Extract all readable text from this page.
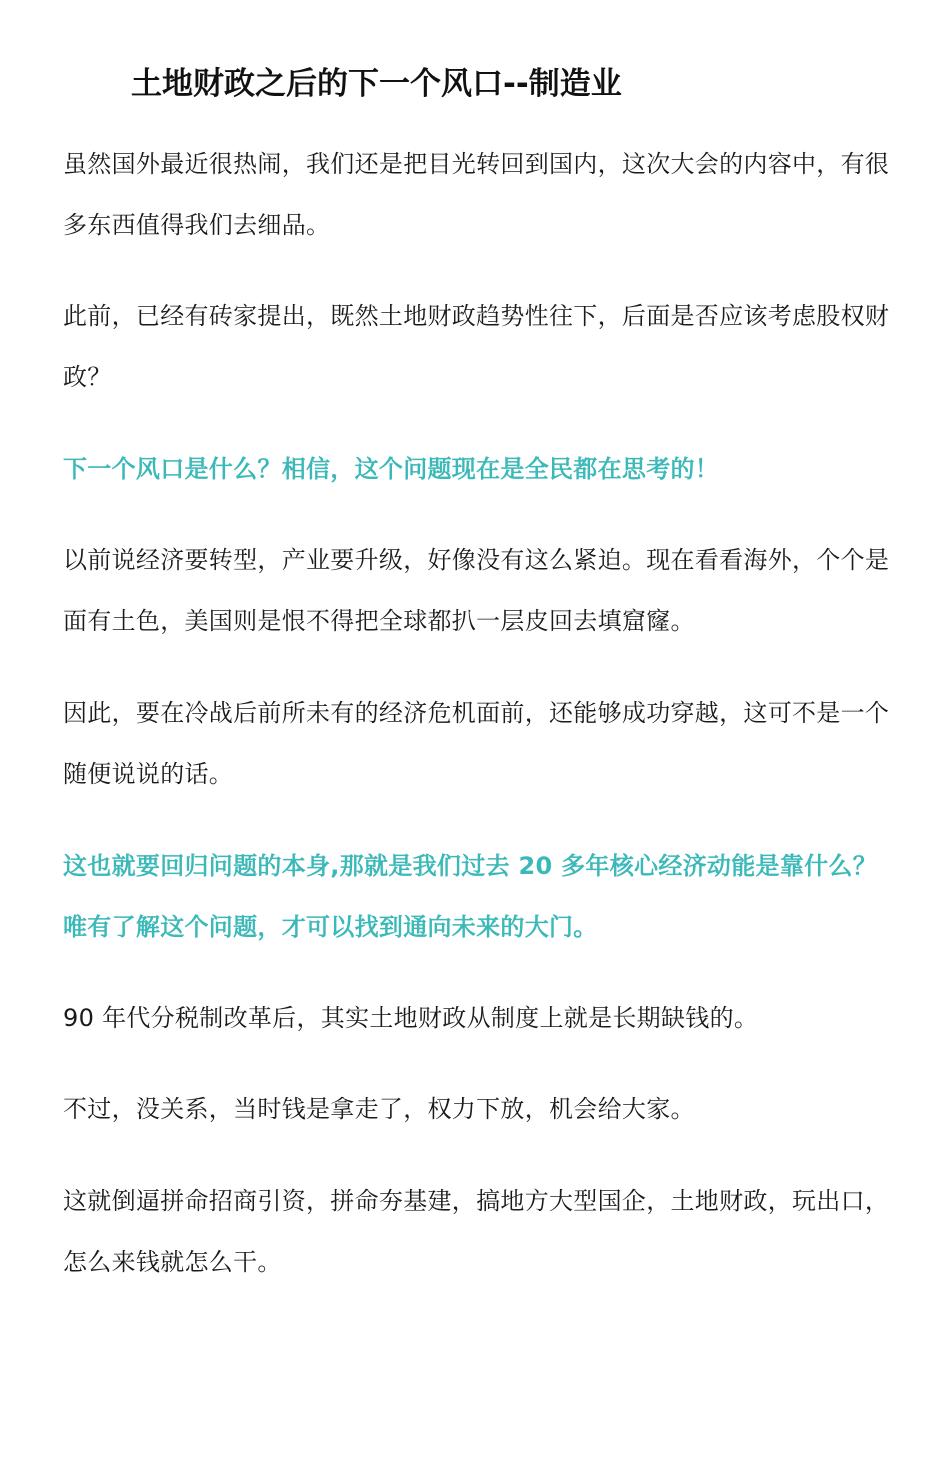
土地财政之后的下一个风口--制造业

虽然国外最近很热闹，我们还是把目光转回到国内，这次大会的内容中，有很多东西值得我们去细品。

此前，已经有砖家提出，既然土地财政趋势性往下，后面是否应该考虑股权财政？

下一个风口是什么？相信，这个问题现在是全民都在思考的！

以前说经济要转型，产业要升级，好像没有这么紧迫。现在看看海外，个个是面有土色，美国则是恨不得把全球都扒一层皮回去填窟窿。

因此，要在冷战后前所未有的经济危机面前，还能够成功穿越，这可不是一个随便说说的话。

这也就要回归问题的本身,那就是我们过去 20 多年核心经济动能是靠什么？唯有了解这个问题，才可以找到通向未来的大门。

90 年代分税制改革后，其实土地财政从制度上就是长期缺钱的。

不过，没关系，当时钱是拿走了，权力下放，机会给大家。

这就倒逼拼命招商引资，拼命夯基建，搞地方大型国企，土地财政，玩出口，怎么来钱就怎么干。
